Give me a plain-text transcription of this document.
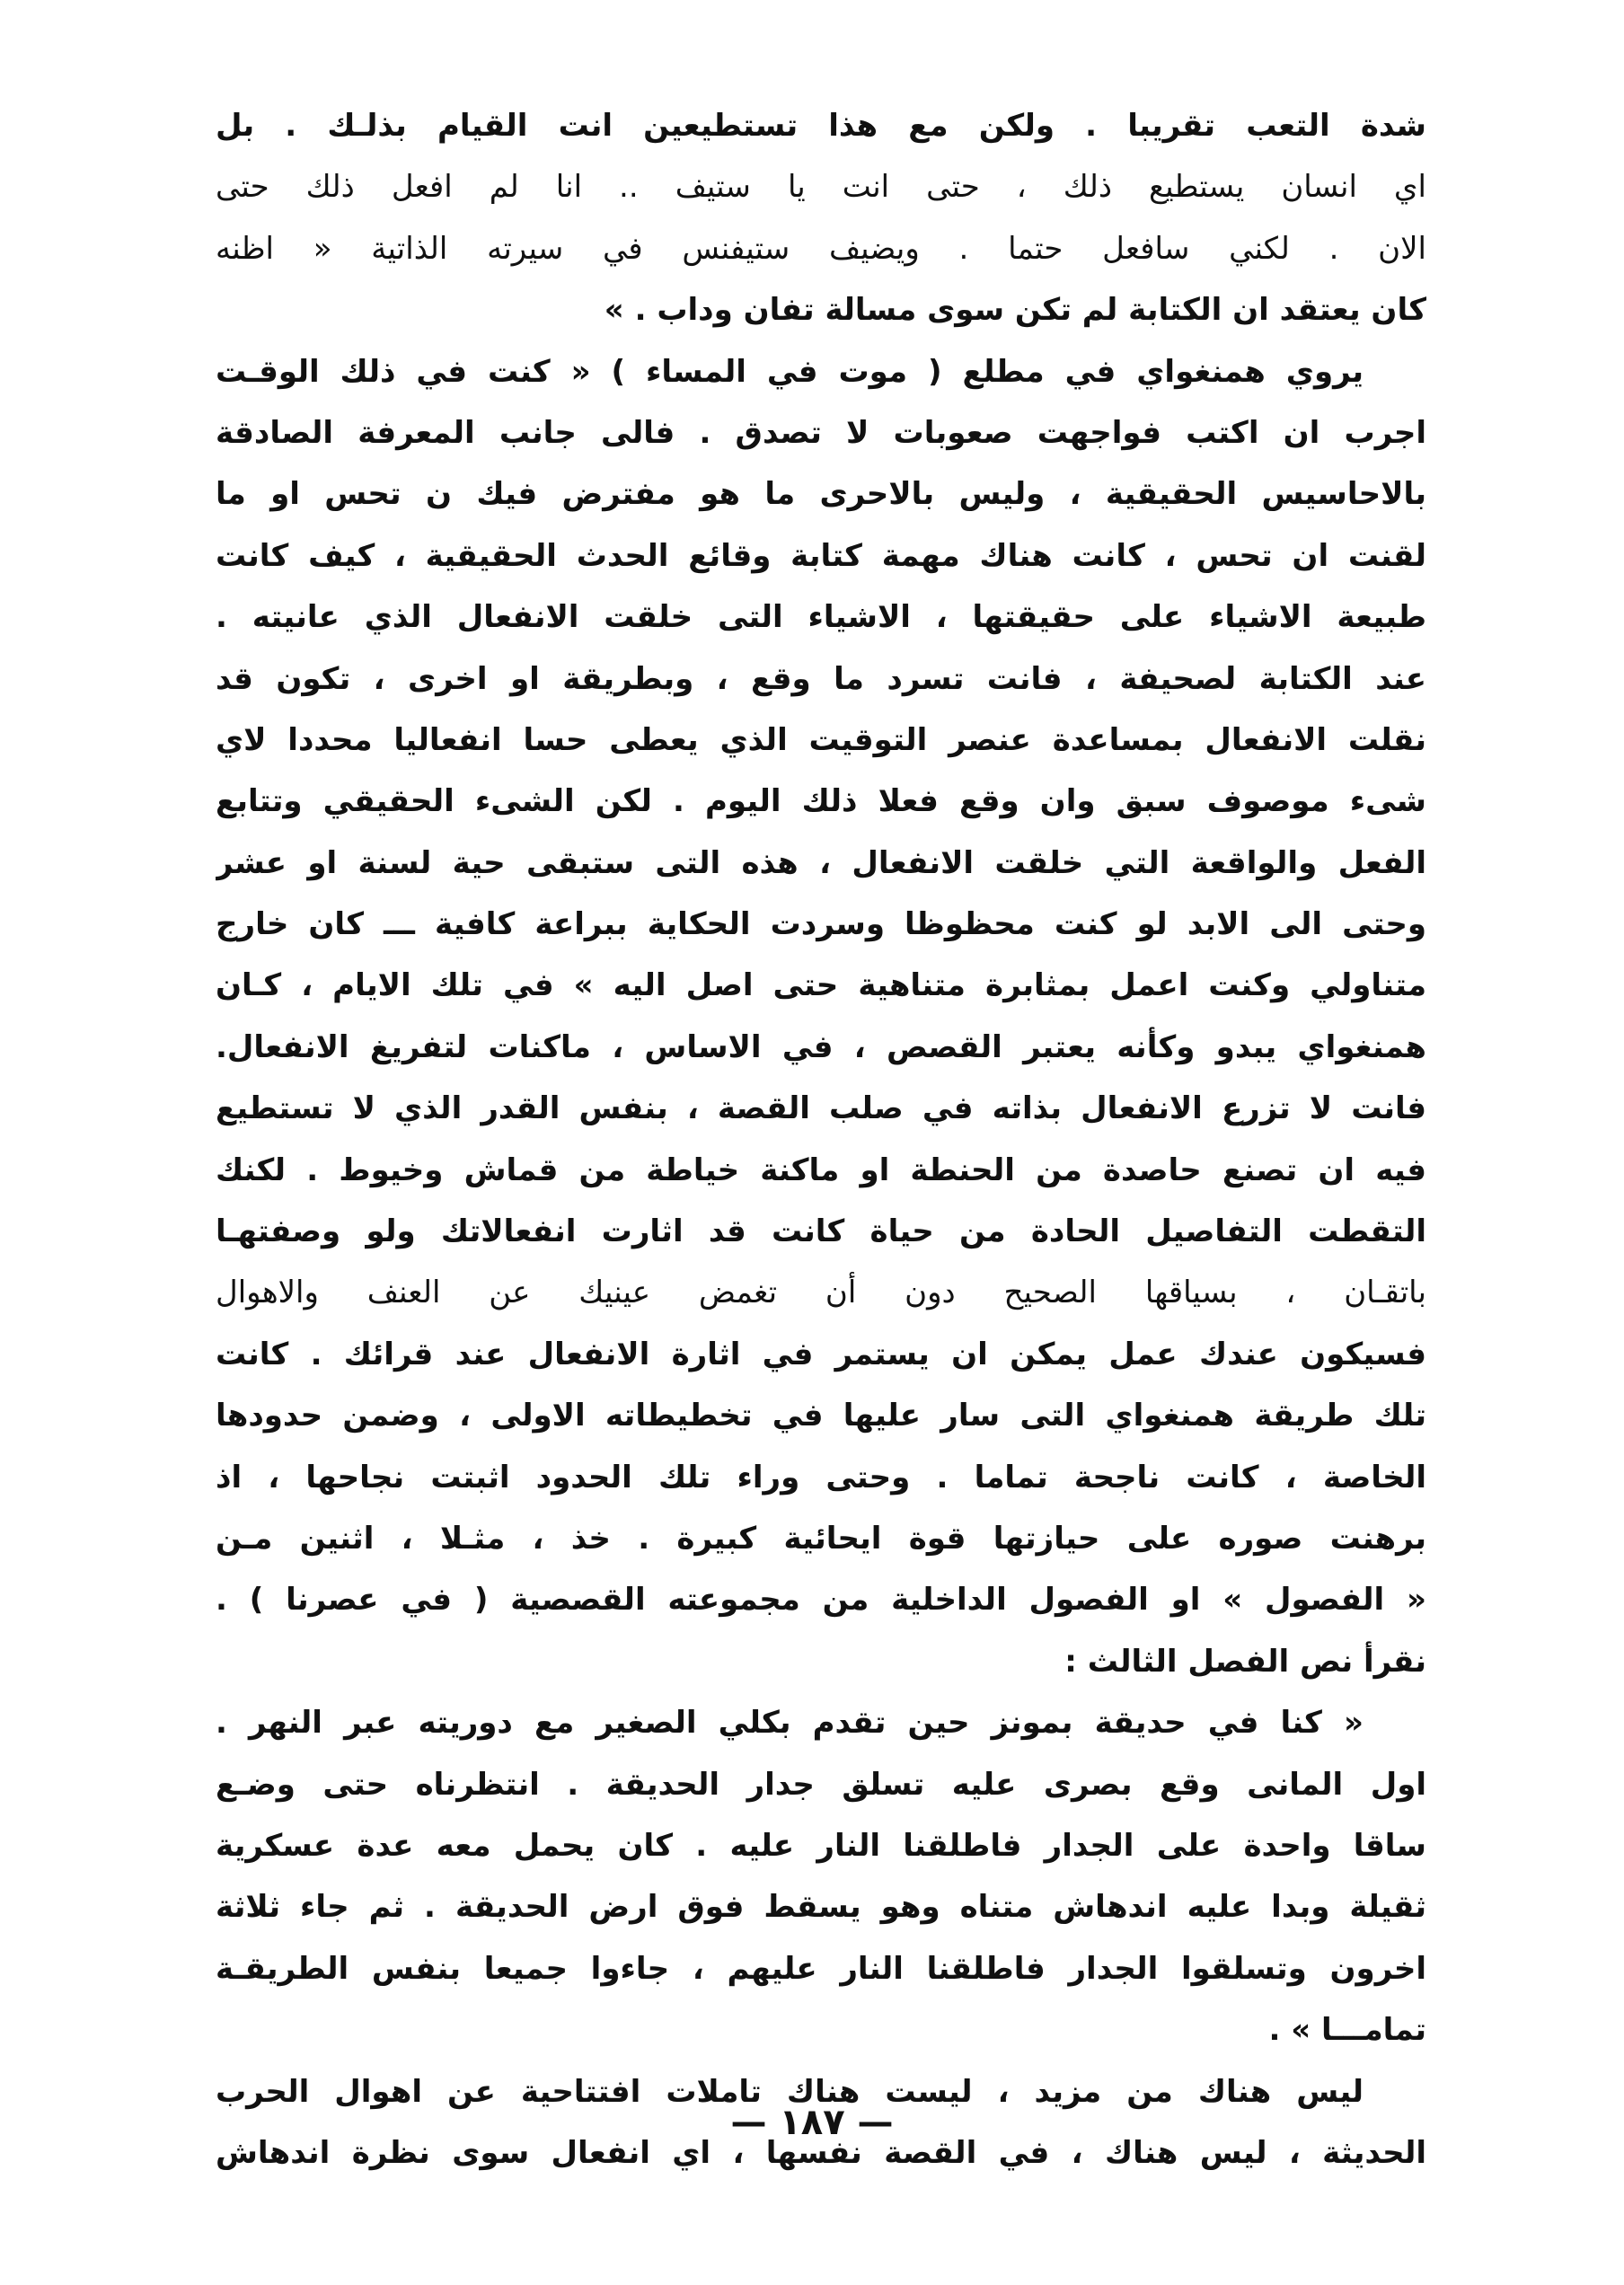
شدة التعب تقريبا . ولكن مع هذا تستطيعين انت القيام بذلـك . بل
اي انسان يستطيع ذلك ، حتى انت يا ستيف .. انا لم افعل ذلك حتى
الان . لكني سافعل حتما . ويضيف ستيفنس في سيرته الذاتية « اظنه
كان يعتقد ان الكتابة لم تكن سوى مسالة تفان وداب . »
يروي همنغواي في مطلع ( موت في المساء ) « كنت في ذلك الوقـت
اجرب ان اكتب فواجهت صعوبات لا تصدق . فالى جانب المعرفة الصادقة
بالاحاسيس الحقيقية ، وليس بالاحرى ما هو مفترض فيك ن تحس او ما
لقنت ان تحس ، كانت هناك مهمة كتابة وقائع الحدث الحقيقية ، كيف كانت
طبيعة الاشياء على حقيقتها ، الاشياء التى خلقت الانفعال الذي عانيته .
عند الكتابة لصحيفة ، فانت تسرد ما وقع ، وبطريقة او اخرى ، تكون قد
نقلت الانفعال بمساعدة عنصر التوقيت الذي يعطى حسا انفعاليا محددا لاي
شىء موصوف سبق وان وقع فعلا ذلك اليوم . لكن الشىء الحقيقي وتتابع
الفعل والواقعة التي خلقت الانفعال ، هذه التى ستبقى حية لسنة او عشر
وحتى الى الابد لو كنت محظوظا وسردت الحكاية ببراعة كافية ـــ كان خارج
متناولي وكنت اعمل بمثابرة متناهية حتى اصل اليه » في تلك الايام ، كـان
همنغواي يبدو وكأنه يعتبر القصص ، في الاساس ، ماكنات لتفريغ الانفعال.
فانت لا تزرع الانفعال بذاته في صلب القصة ، بنفس القدر الذي لا تستطيع
فيه ان تصنع حاصدة من الحنطة او ماكنة خياطة من قماش وخيوط . لكنك
التقطت التفاصيل الحادة من حياة كانت قد اثارت انفعالاتك ولو وصفتهـا
باتقـان ، بسياقها الصحيح دون أن تغمض عينيك عن العنف والاهوال
فسيكون عندك عمل يمكن ان يستمر في اثارة الانفعال عند قرائك . كانت
تلك طريقة همنغواي التى سار عليها في تخطيطاته الاولى ، وضمن حدودها
الخاصة ، كانت ناجحة تماما . وحتى وراء تلك الحدود اثبتت نجاحها ، اذ
برهنت صوره على حيازتها قوة ايحائية كبيرة . خذ ، مثـلا ، اثنين مـن
« الفصول » او الفصول الداخلية من مجموعته القصصية ( في عصرنا ) .
نقرأ نص الفصل الثالث :
« كنا في حديقة بمونز حين تقدم بكلي الصغير مع دوريته عبر النهر .
اول المانى وقع بصرى عليه تسلق جدار الحديقة . انتظرناه حتى وضـع
ساقا واحدة على الجدار فاطلقنا النار عليه . كان يحمل معه عدة عسكرية
ثقيلة وبدا عليه اندهاش متناه وهو يسقط فوق ارض الحديقة . ثم جاء ثلاثة
اخرون وتسلقوا الجدار فاطلقنا النار عليهم ، جاءوا جميعا بنفس الطريقـة
تمامـــا » .
ليس هناك من مزيد ، ليست هناك تاملات افتتاحية عن اهوال الحرب
الحديثة ، ليس هناك ، في القصة نفسها ، اي انفعال سوى نظرة اندهاش
— ١٨٧ —
